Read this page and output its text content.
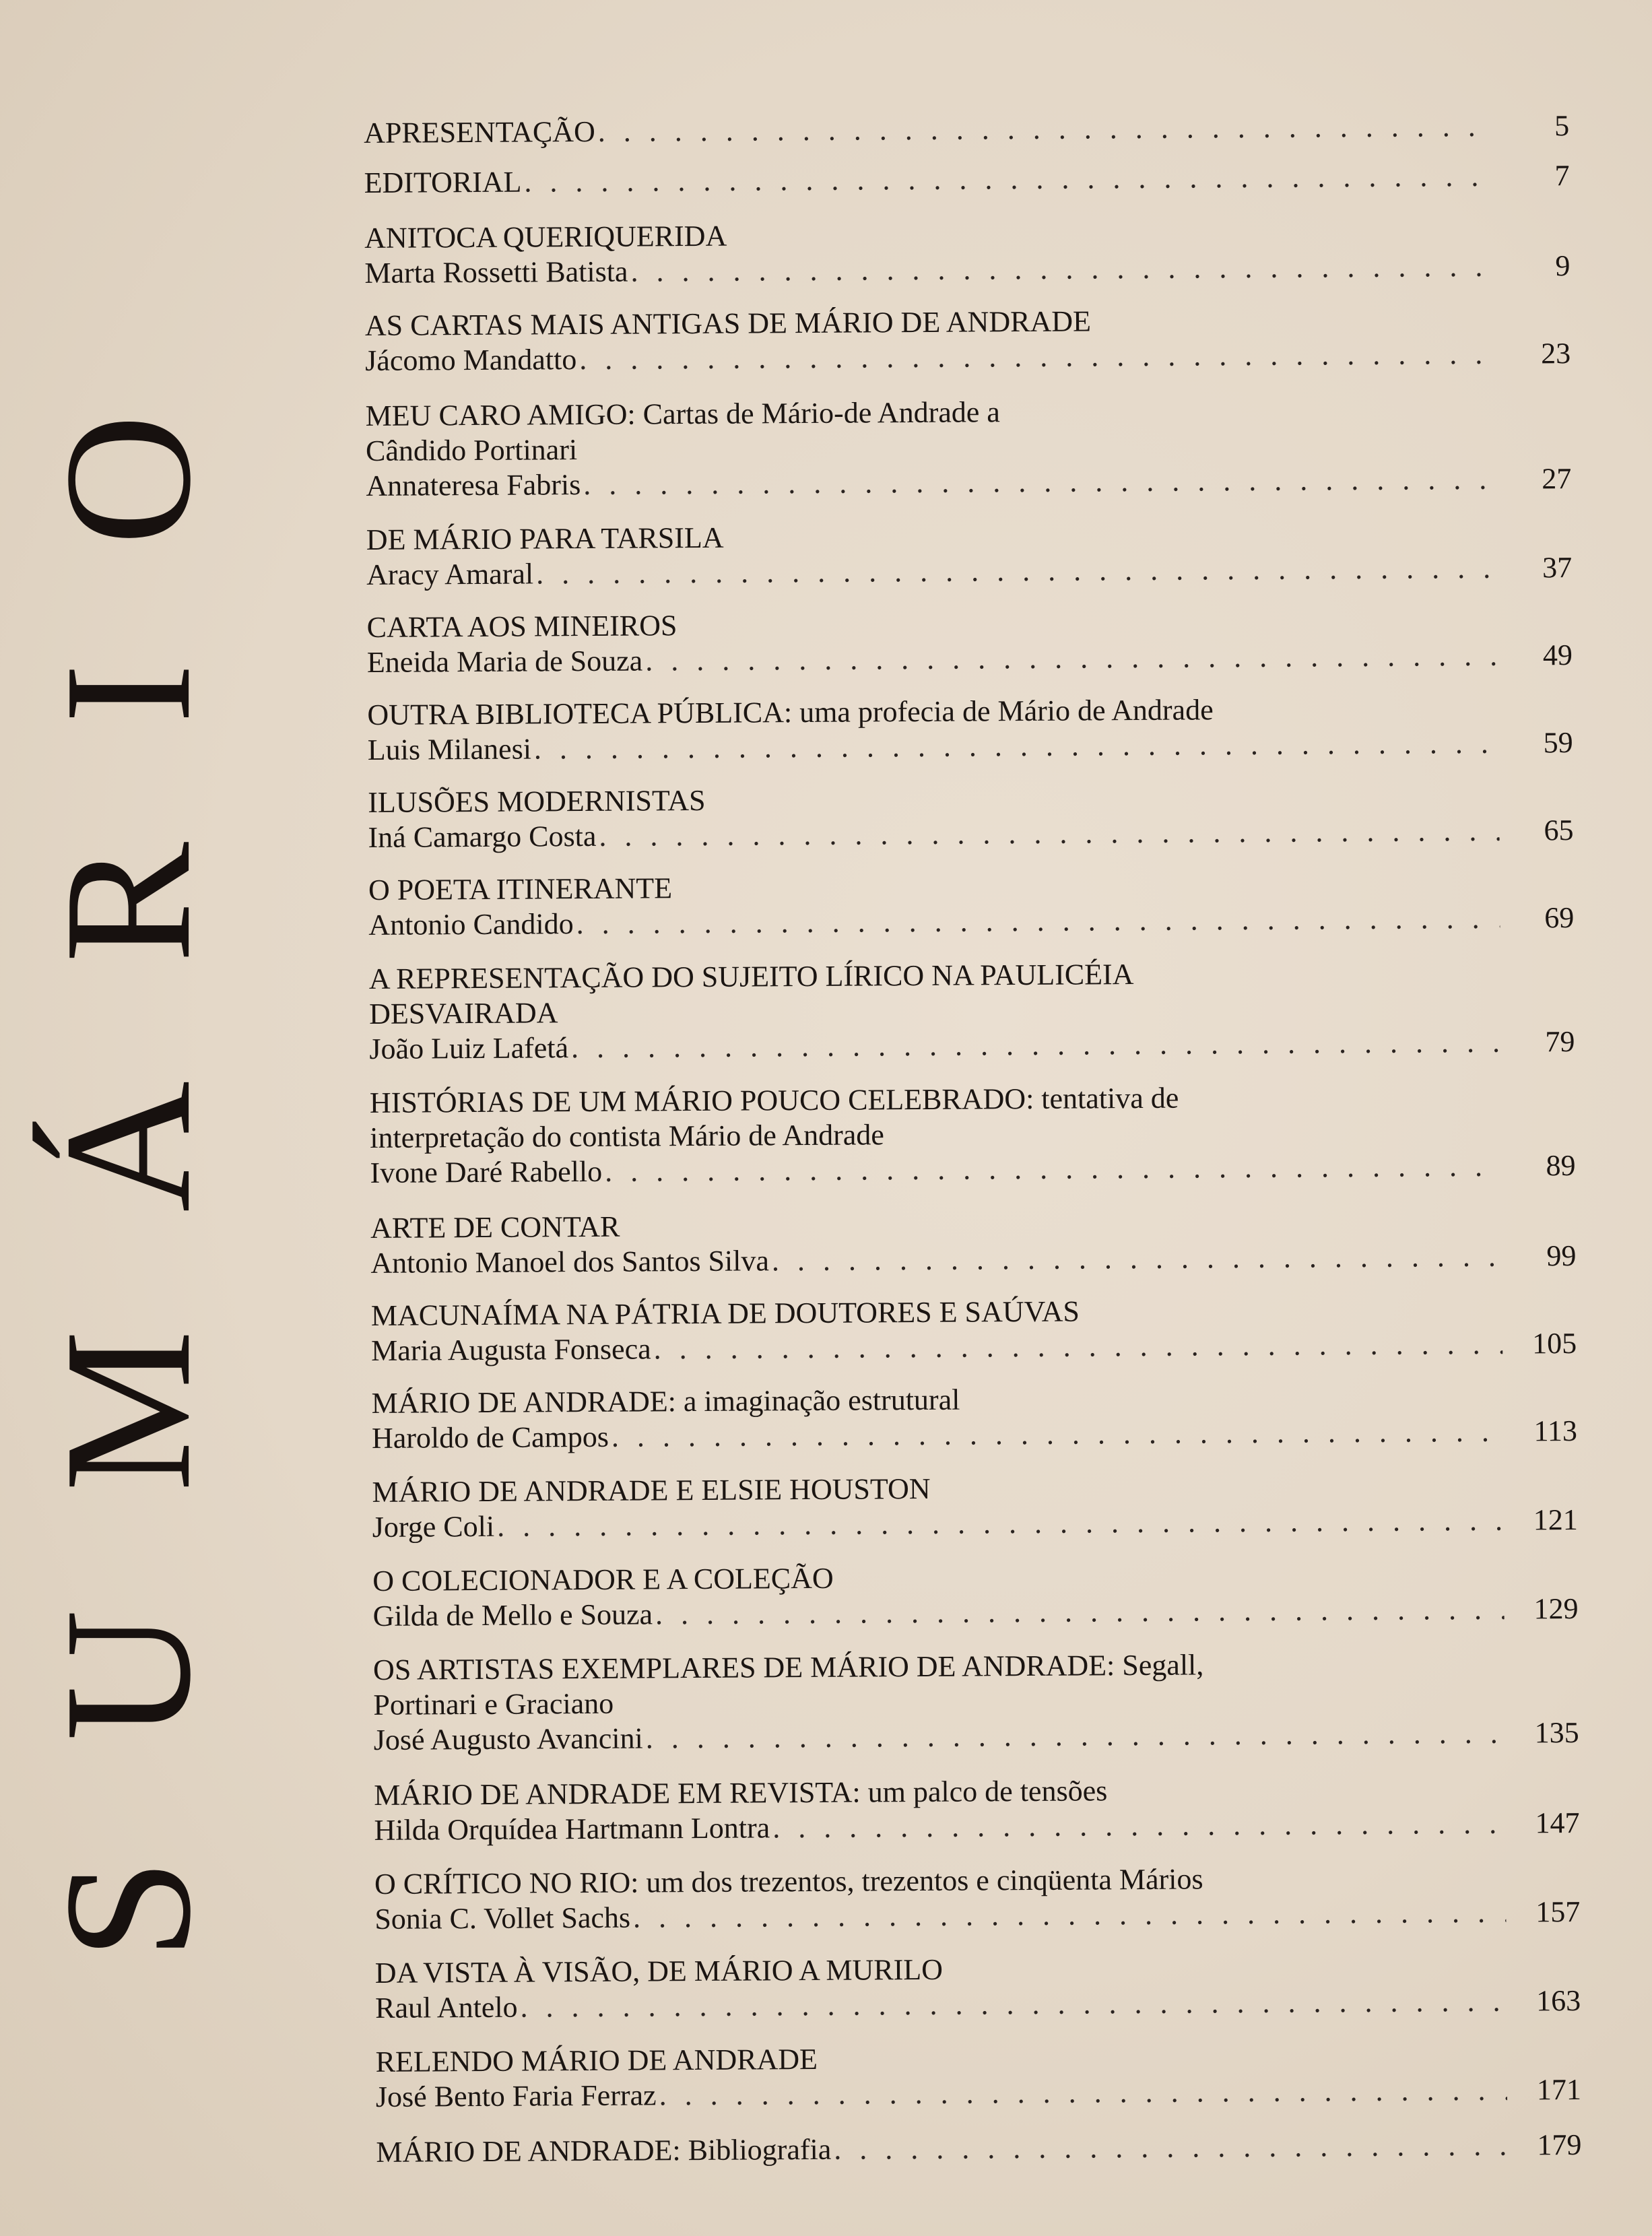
SUMÁRIO
APRESENTAÇÃO . . .	5
EDITORIAL . . .	7
ANITOCA QUERIQUERIDA
Marta Rossetti Batista . . .	9
AS CARTAS MAIS ANTIGAS DE MÁRIO DE ANDRADE
Jácomo Mandatto . . .	23
MEU CARO AMIGO: Cartas de Mário-de Andrade a
Cândido Portinari
Annateresa Fabris . . .	27
DE MÁRIO PARA TARSILA
Aracy Amaral . . .	37
CARTA AOS MINEIROS
Eneida Maria de Souza . . .	49
OUTRA BIBLIOTECA PÚBLICA: uma profecia de Mário de Andrade
Luis Milanesi . . .	59
ILUSÕES MODERNISTAS
Iná Camargo Costa . . .	65
O POETA ITINERANTE
Antonio Candido . . .	69
A REPRESENTAÇÃO DO SUJEITO LÍRICO NA PAULICÉIA
DESVAIRADA
João Luiz Lafetá . . .	79
HISTÓRIAS DE UM MÁRIO POUCO CELEBRADO: tentativa de
interpretação do contista Mário de Andrade
Ivone Daré Rabello . . .	89
ARTE DE CONTAR
Antonio Manoel dos Santos Silva . . .	99
MACUNAÍMA NA PÁTRIA DE DOUTORES E SAÚVAS
Maria Augusta Fonseca . . .	105
MÁRIO DE ANDRADE: a imaginação estrutural
Haroldo de Campos . . .	113
MÁRIO DE ANDRADE E ELSIE HOUSTON
Jorge Coli . . .	121
O COLECIONADOR E A COLEÇÃO
Gilda de Mello e Souza . . .	129
OS ARTISTAS EXEMPLARES DE MÁRIO DE ANDRADE: Segall,
Portinari e Graciano
José Augusto Avancini . . .	135
MÁRIO DE ANDRADE EM REVISTA: um palco de tensões
Hilda Orquídea Hartmann Lontra . . .	147
O CRÍTICO NO RIO: um dos trezentos, trezentos e cinqüenta Mários
Sonia C. Vollet Sachs . . .	157
DA VISTA À VISÃO, DE MÁRIO A MURILO
Raul Antelo . . .	163
RELENDO MÁRIO DE ANDRADE
José Bento Faria Ferraz . . .	171
MÁRIO DE ANDRADE: Bibliografia . . .	179
